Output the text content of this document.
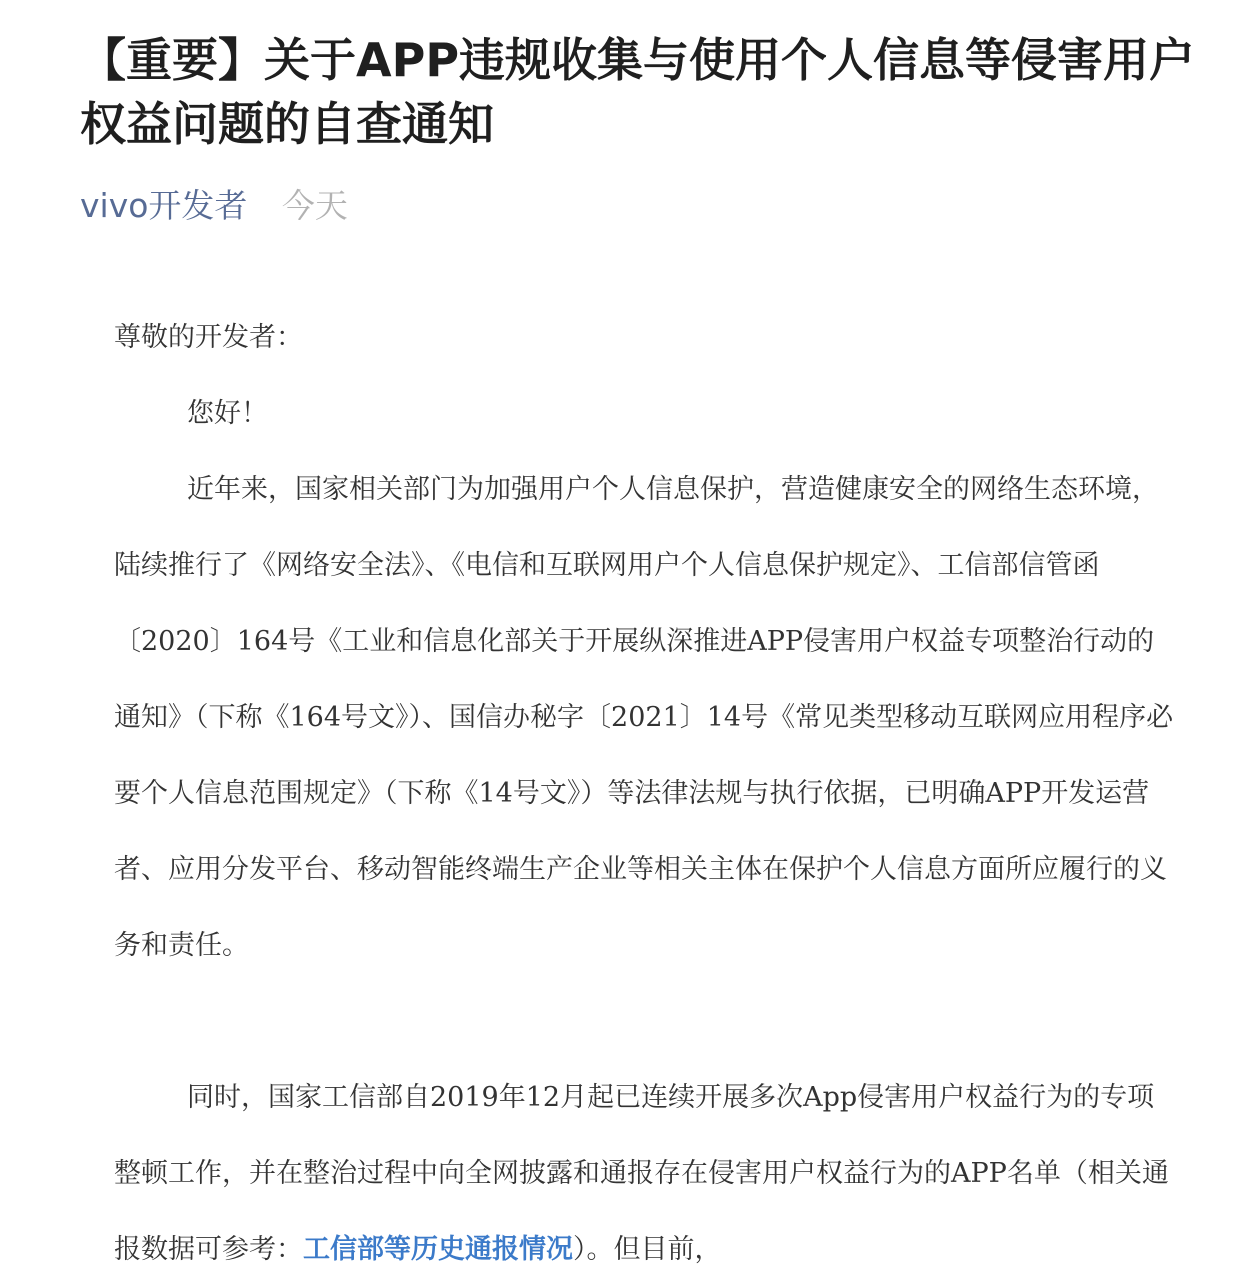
【重要】关于APP违规收集与使用个人信息等侵害用户权益问题的自查通知
vivo开发者 今天

尊敬的开发者：

您好！

近年来，国家相关部门为加强用户个人信息保护，营造健康安全的网络生态环境，陆续推行了《网络安全法》、《电信和互联网用户个人信息保护规定》、工信部信管函〔2020〕164号《工业和信息化部关于开展纵深推进APP侵害用户权益专项整治行动的通知》（下称《164号文》）、国信办秘字〔2021〕14号《常见类型移动互联网应用程序必要个人信息范围规定》（下称《14号文》）等法律法规与执行依据，已明确APP开发运营者、应用分发平台、移动智能终端生产企业等相关主体在保护个人信息方面所应履行的义务和责任。

同时，国家工信部自2019年12月起已连续开展多次App侵害用户权益行为的专项整顿工作，并在整治过程中向全网披露和通报存在侵害用户权益行为的APP名单（相关通报数据可参考：工信部等历史通报情况）。但目前，
